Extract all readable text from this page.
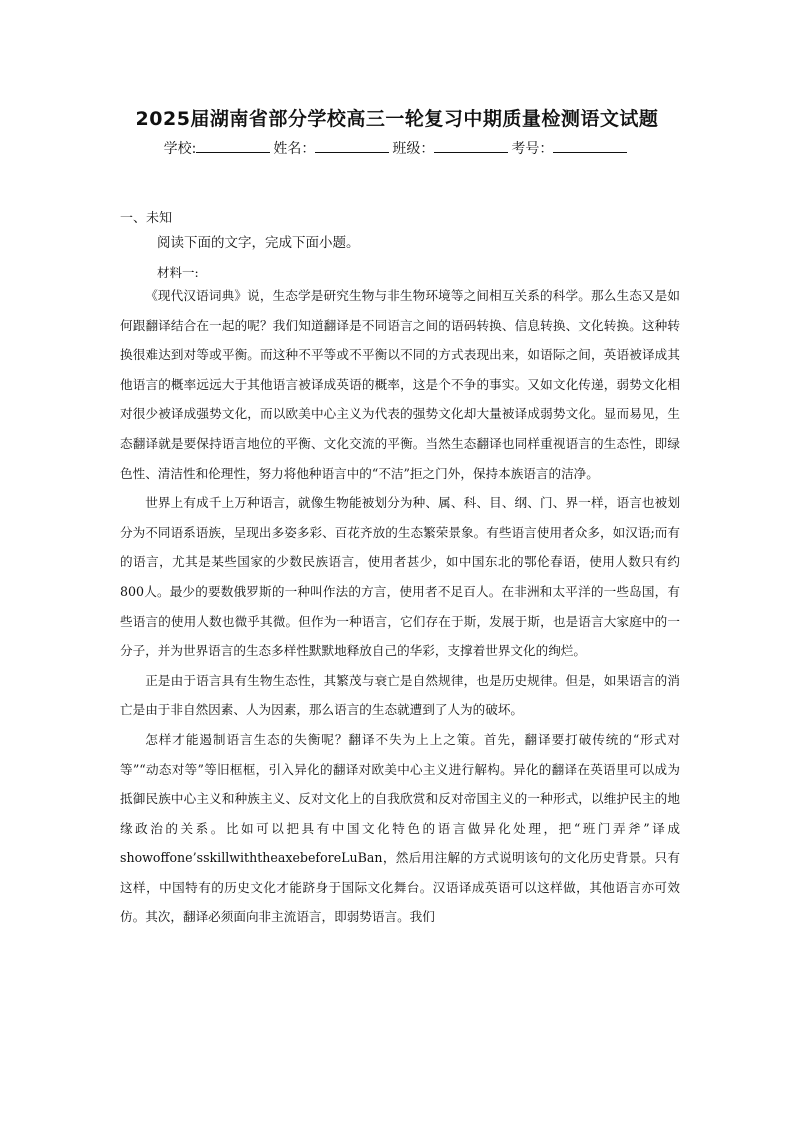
2025届湖南省部分学校高三一轮复习中期质量检测语文试题
学校:	姓名：	班级：	考号：
一、未知
阅读下面的文字，完成下面小题。
材料一:

《现代汉语词典》说，生态学是研究生物与非生物环境等之间相互关系的科学。那么生态又是如何跟翻译结合在一起的呢？我们知道翻译是不同语言之间的语码转换、信息转换、文化转换。这种转换很难达到对等或平衡。而这种不平等或不平衡以不同的方式表现出来，如语际之间，英语被译成其他语言的概率远远大于其他语言被译成英语的概率，这是个不争的事实。又如文化传递，弱势文化相对很少被译成强势文化，而以欧美中心主义为代表的强势文化却大量被译成弱势文化。显而易见，生态翻译就是要保持语言地位的平衡、文化交流的平衡。当然生态翻译也同样重视语言的生态性，即绿色性、清洁性和伦理性，努力将他种语言中的“不洁”拒之门外，保持本族语言的洁净。

世界上有成千上万种语言，就像生物能被划分为种、属、科、目、纲、门、界一样，语言也被划分为不同语系语族，呈现出多姿多彩、百花齐放的生态繁荣景象。有些语言使用者众多，如汉语;而有的语言，尤其是某些国家的少数民族语言，使用者甚少，如中国东北的鄂伦春语，使用人数只有约800人。最少的要数俄罗斯的一种叫作法的方言，使用者不足百人。在非洲和太平洋的一些岛国，有些语言的使用人数也微乎其微。但作为一种语言，它们存在于斯，发展于斯，也是语言大家庭中的一分子，并为世界语言的生态多样性默默地释放自己的华彩，支撑着世界文化的绚烂。

正是由于语言具有生物生态性，其繁茂与衰亡是自然规律，也是历史规律。但是，如果语言的消亡是由于非自然因素、人为因素，那么语言的生态就遭到了人为的破坏。

怎样才能遏制语言生态的失衡呢？翻译不失为上上之策。首先，翻译要打破传统的“形式对等”“动态对等”等旧框框，引入异化的翻译对欧美中心主义进行解构。异化的翻译在英语里可以成为抵御民族中心主义和种族主义、反对文化上的自我欣赏和反对帝国主义的一种形式，以维护民主的地缘政治的关系。比如可以把具有中国文化特色的语言做异化处理，把“班门弄斧”译成showoffone’sskillwiththeaxebeforeLuBan，然后用注解的方式说明该句的文化历史背景。只有这样，中国特有的历史文化才能跻身于国际文化舞台。汉语译成英语可以这样做，其他语言亦可效仿。其次，翻译必须面向非主流语言，即弱势语言。我们
